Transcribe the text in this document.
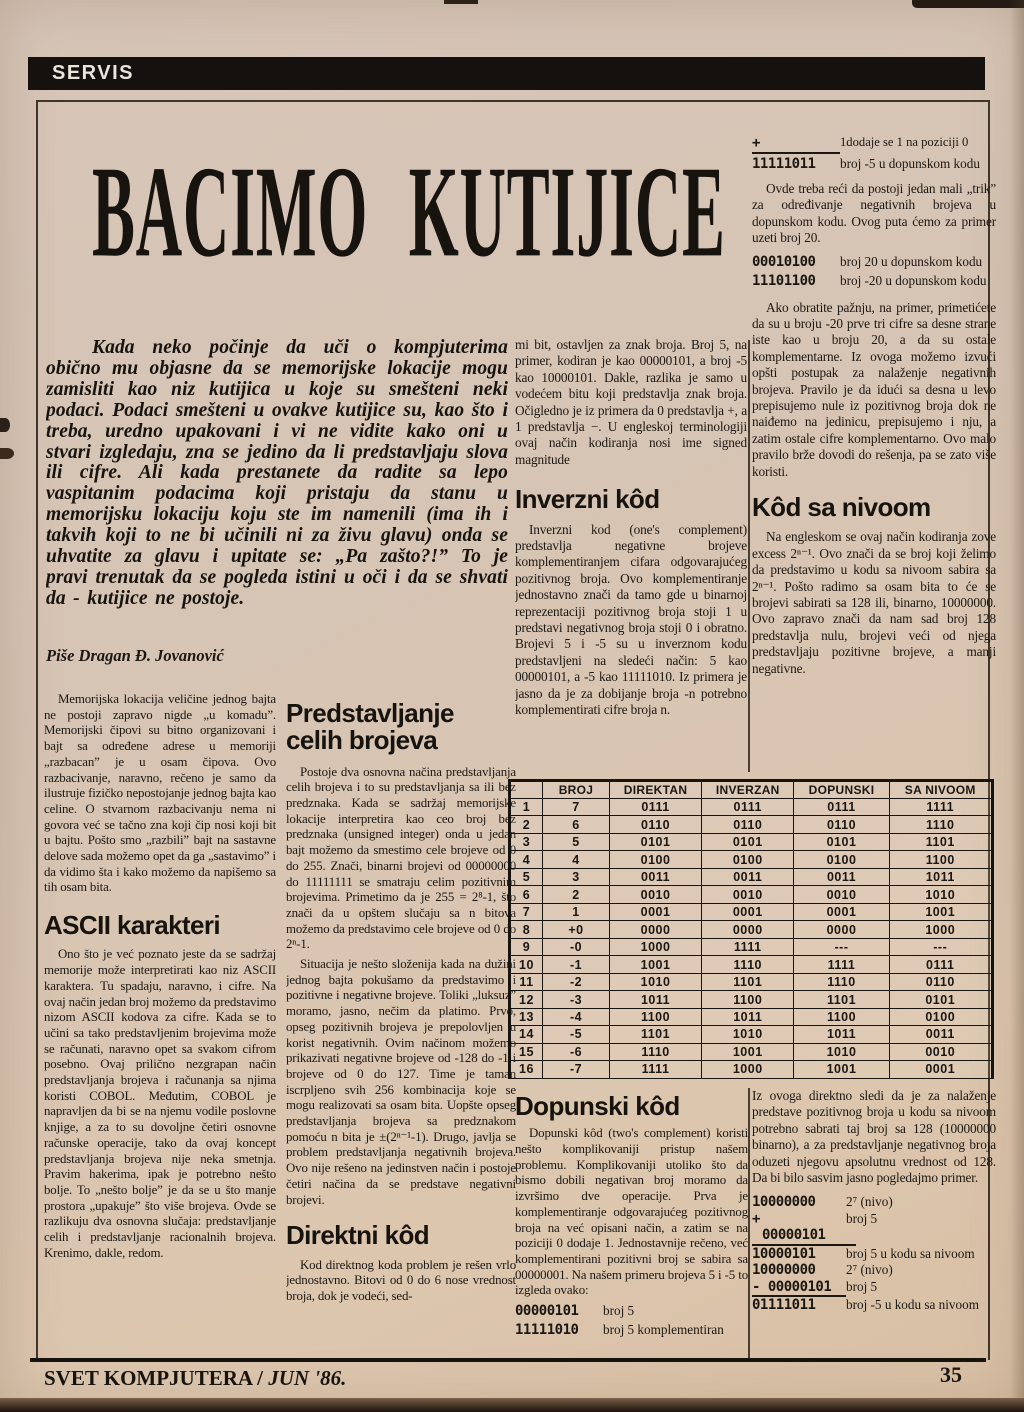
SERVIS
BACIMO KUTIJICE	+	1dodaje se 1 na poziciji 0
11111011	broj -5 u dopunskom kodu

Ovde treba reći da postoji jedan mali „trik” za određivanje negativnih brojeva u dopunskom kodu. Ovog puta ćemo za primer uzeti broj 20.

00010100	broj 20 u dopunskom kodu
11101100	broj -20 u dopunskom kodu

Ako obratite pažnju, na primer, primetićete da su u broju -20 prve tri cifre sa desne strane iste kao u broju 20, a da su ostale komplementarne. Iz ovoga možemo izvući opšti postupak za nalaženje negativnih brojeva. Pravilo je da idući sa desna u levo prepisujemo nule iz pozitivnog broja dok ne naiđemo na jedinicu, prepisujemo i nju, a zatim ostale cifre komplementarno. Ovo malo pravilo brže dovodi do rešenja, pa se zato više koristi.

Kôd sa nivoom

Na engleskom se ovaj način kodiranja zove excess 2ⁿ⁻¹. Ovo znači da se broj koji želimo da predstavimo u kodu sa nivoom sabira sa 2ⁿ⁻¹. Pošto radimo sa osam bita to će se brojevi sabirati sa 128 ili, binarno, 10000000. Ovo zapravo znači da nam sad broj 128 predstavlja nulu, brojevi veći od njega predstavljaju pozitivne brojeve, a manji negativne.

Kada neko počinje da uči o kompjuterima obično mu objasne da se memorijske lokacije mogu zamisliti kao niz kutijica u koje su smešteni neki podaci. Podaci smešteni u ovakve kutijice su, kao što i treba, uredno upakovani i vi ne vidite kako oni u stvari izgledaju, zna se jedino da li predstavljaju slova ili cifre. Ali kada prestanete da radite sa lepo vaspitanim podacima koji pristaju da stanu u memorijsku lokaciju koju ste im namenili (ima ih i takvih koji to ne bi učinili ni za živu glavu) onda se uhvatite za glavu i upitate se: „Pa zašto?!” To je pravi trenutak da se pogleda istini u oči i da se shvati da - kutijice ne postoje.
Piše Dragan Đ. Jovanović

mi bit, ostavljen za znak broja. Broj 5, na primer, kodiran je kao 00000101, a broj -5 kao 10000101. Dakle, razlika je samo u vodećem bitu koji predstavlja znak broja. Očigledno je iz primera da 0 predstavlja +, a 1 predstavlja −. U engleskoj terminologiji ovaj način kodiranja nosi ime signed magnitude

Inverzni kôd

Inverzni kod (one's complement) predstavlja negativne brojeve komplementiranjem cifara odgovarajućeg pozitivnog broja. Ovo komplementiranje jednostavno znači da tamo gde u binarnoj reprezentaciji pozitivnog broja stoji 1 u predstavi negativnog broja stoji 0 i obratno. Brojevi 5 i -5 su u inverznom kodu predstavljeni na sledeći način: 5 kao 00000101, a -5 kao 11111010. Iz primera je jasno da je za dobijanje broja -n potrebno komplementirati cifre broja n.

Memorijska lokacija veličine jednog bajta ne postoji zapravo nigde „u komadu”. Memorijski čipovi su bitno organizovani i bajt sa određene adrese u memoriji „razbacan” je u osam čipova. Ovo razbacivanje, naravno, rečeno je samo da ilustruje fizičko nepostojanje jednog bajta kao celine. O stvarnom razbacivanju nema ni govora već se tačno zna koji čip nosi koji bit u bajtu. Pošto smo „razbili” bajt na sastavne delove sada možemo opet da ga „sastavimo” i da vidimo šta i kako možemo da napišemo sa tih osam bita.

ASCII karakteri

Ono što je već poznato jeste da se sadržaj memorije može interpretirati kao niz ASCII karaktera. Tu spadaju, naravno, i cifre. Na ovaj način jedan broj možemo da predstavimo nizom ASCII kodova za cifre. Kada se to učini sa tako predstavljenim brojevima može se računati, naravno opet sa svakom cifrom posebno. Ovaj prilično nezgrapan način predstavljanja brojeva i računanja sa njima koristi COBOL. Međutim, COBOL je napravljen da bi se na njemu vodile poslovne knjige, a za to su dovoljne četiri osnovne računske operacije, tako da ovaj koncept predstavljanja brojeva nije neka smetnja. Pravim hakerima, ipak je potrebno nešto bolje. To „nešto bolje” je da se u što manje prostora „upakuje” što više brojeva. Ovde se razlikuju dva osnovna slučaja: predstavljanje celih i predstavljanje racionalnih brojeva. Krenimo, dakle, redom.

Predstavljanje celih brojeva

Postoje dva osnovna načina predstavljanja celih brojeva i to su predstavljanja sa ili bez predznaka. Kada se sadržaj memorijske lokacije interpretira kao ceo broj bez predznaka (unsigned integer) onda u jedan bajt možemo da smestimo cele brojeve od 0 do 255. Znači, binarni brojevi od 00000000 do 11111111 se smatraju celim pozitivnim brojevima. Primetimo da je 255 = 2⁸-1, što znači da u opštem slučaju sa n bitova možemo da predstavimo cele brojeve od 0 do 2ⁿ-1.

Situacija je nešto složenija kada na dužini jednog bajta pokušamo da predstavimo i pozitivne i negativne brojeve. Toliki „luksuz” moramo, jasno, nečim da platimo. Prvo, opseg pozitivnih brojeva je prepolovljen u korist negativnih. Ovim načinom možemo prikazivati negativne brojeve od -128 do -1 i brojeve od 0 do 127. Time je taman iscrpljeno svih 256 kombinacija koje se mogu realizovati sa osam bita. Uopšte opseg predstavljanja brojeva sa predznakom pomoću n bita je ±(2ⁿ⁻¹-1). Drugo, javlja se problem predstavljanja negativnih brojeva. Ovo nije rešeno na jedinstven način i postoje četiri načina da se predstave negativni brojevi.

Direktni kôd

Kod direktnog koda problem je rešen vrlo jednostavno. Bitovi od 0 do 6 nose vrednost broja, dok je vodeći, sed-

	BROJ	DIREKTAN	INVERZAN	DOPUNSKI	SA NIVOOM
1	7	0111	0111	0111	1111
2	6	0110	0110	0110	1110
3	5	0101	0101	0101	1101
4	4	0100	0100	0100	1100
5	3	0011	0011	0011	1011
6	2	0010	0010	0010	1010
7	1	0001	0001	0001	1001
8	+0	0000	0000	0000	1000
9	-0	1000	1111	---	---
10	-1	1001	1110	1111	0111
11	-2	1010	1101	1110	0110
12	-3	1011	1100	1101	0101
13	-4	1100	1011	1100	0100
14	-5	1101	1010	1011	0011
15	-6	1110	1001	1010	0010
16	-7	1111	1000	1001	0001

Dopunski kôd

Dopunski kôd (two's complement) koristi nešto komplikovaniji pristup našem problemu. Komplikovaniji utoliko što da bismo dobili negativan broj moramo da izvršimo dve operacije. Prva je komplementiranje odgovarajućeg pozitivnog broja na već opisani način, a zatim se na poziciji 0 dodaje 1. Jednostavnije rečeno, već komplementirani pozitivni broj se sabira sa 00000001. Na našem primeru brojeva 5 i -5 to izgleda ovako:

00000101	broj 5
11111010	broj 5 komplementiran

Iz ovoga direktno sledi da je za nalaženje predstave pozitivnog broja u kodu sa nivoom potrebno sabrati taj broj sa 128 (10000000 binarno), a za predstavljanje negativnog broja oduzeti njegovu apsolutnu vrednost od 128. Da bi bilo sasvim jasno pogledajmo primer.

10000000	2⁷ (nivo)
+	broj 5
00000101
10000101	broj 5 u kodu sa nivoom
10000000	2⁷ (nivo)
- 00000101	broj 5
01111011	broj -5 u kodu sa nivoom
SVET KOMPJUTERA / JUN '86.	35
